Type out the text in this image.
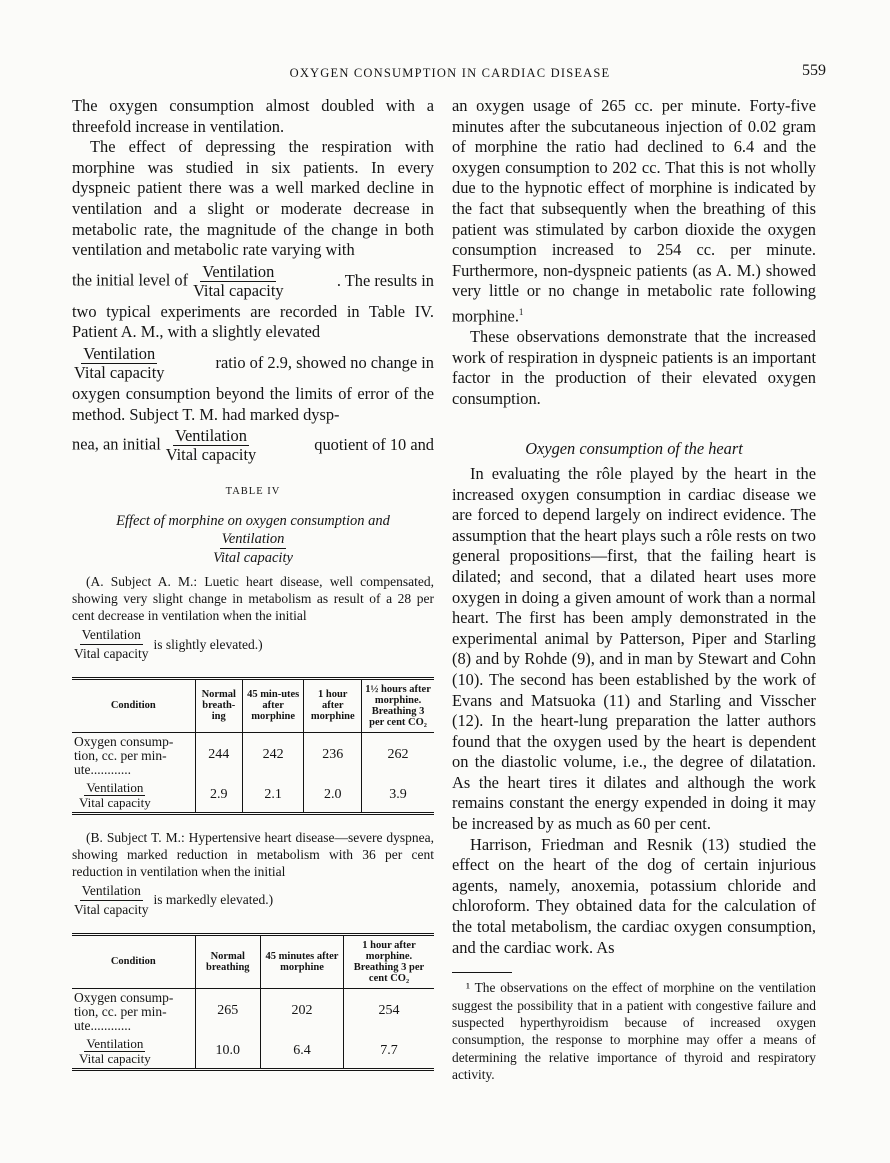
OXYGEN CONSUMPTION IN CARDIAC DISEASE	559

The oxygen consumption almost doubled with a threefold increase in ventilation.

The effect of depressing the respiration with morphine was studied in six patients. In every dyspneic patient there was a well marked decline in ventilation and a slight or moderate decrease in metabolic rate, the magnitude of the change in both ventilation and metabolic rate varying with

the initial level of $\frac{\text{Ventilation}}{\text{Vital capacity}}$	. The results in

two typical experiments are recorded in Table IV. Patient A. M., with a slightly elevated

$\frac{\text{Ventilation}}{\text{Vital capacity}}$	ratio of 2.9, showed no change in

oxygen consumption beyond the limits of error of the method. Subject T. M. had marked dysp-

nea, an initial $\frac{\text{Ventilation}}{\text{Vital capacity}}$	quotient of 10 and
TABLE IV
Effect of morphine on oxygen consumption and
$\frac{\text{Ventilation}}{\text{Vital capacity}}$

(A. Subject A. M.: Luetic heart disease, well compensated, showing very slight change in metabolism as result of a 28 per cent decrease in ventilation when the initial

$\frac{\text{Ventilation}}{\text{Vital capacity}}$ is slightly elevated.)
Condition	Normal breath-ing	45 min-utes after morphine	1 hour after morphine	1½ hours after morphine. Breathing 3 per cent CO₂
Oxygen consump-tion, cc. per min-ute............	244	242	236	262

$\frac{\text{Ventilation}}{\text{Vital capacity}}$	2.9	2.1	2.0	3.9

(B. Subject T. M.: Hypertensive heart disease—severe dyspnea, showing marked reduction in metabolism with 36 per cent reduction in ventilation when the initial

$\frac{\text{Ventilation}}{\text{Vital capacity}}$ is markedly elevated.)
Condition	Normal breathing	45 minutes after morphine	1 hour after morphine. Breathing 3 per cent CO₂
Oxygen consump-tion, cc. per min-ute............	265	202	254

$\frac{\text{Ventilation}}{\text{Vital capacity}}$	10.0	6.4	7.7

an oxygen usage of 265 cc. per minute. Forty-five minutes after the subcutaneous injection of 0.02 gram of morphine the ratio had declined to 6.4 and the oxygen consumption to 202 cc. That this is not wholly due to the hypnotic effect of morphine is indicated by the fact that subsequently when the breathing of this patient was stimulated by carbon dioxide the oxygen consumption increased to 254 cc. per minute. Furthermore, non-dyspneic patients (as A. M.) showed very little or no change in metabolic rate following morphine.$^1$

These observations demonstrate that the increased work of respiration in dyspneic patients is an important factor in the production of their elevated oxygen consumption.

Oxygen consumption of the heart

In evaluating the rôle played by the heart in the increased oxygen consumption in cardiac disease we are forced to depend largely on indirect evidence. The assumption that the heart plays such a rôle rests on two general propositions—first, that the failing heart is dilated; and second, that a dilated heart uses more oxygen in doing a given amount of work than a normal heart. The first has been amply demonstrated in the experimental animal by Patterson, Piper and Starling (8) and by Rohde (9), and in man by Stewart and Cohn (10). The second has been established by the work of Evans and Matsuoka (11) and Starling and Visscher (12). In the heart-lung preparation the latter authors found that the oxygen used by the heart is dependent on the diastolic volume, i.e., the degree of dilatation. As the heart tires it dilates and although the work remains constant the energy expended in doing it may be increased by as much as 60 per cent.

Harrison, Friedman and Resnik (13) studied the effect on the heart of the dog of certain injurious agents, namely, anoxemia, potassium chloride and chloroform. They obtained data for the calculation of the total metabolism, the cardiac oxygen consumption, and the cardiac work. As

¹ The observations on the effect of morphine on the ventilation suggest the possibility that in a patient with congestive failure and suspected hyperthyroidism because of increased oxygen consumption, the response to morphine may offer a means of determining the relative importance of thyroid and respiratory activity.
